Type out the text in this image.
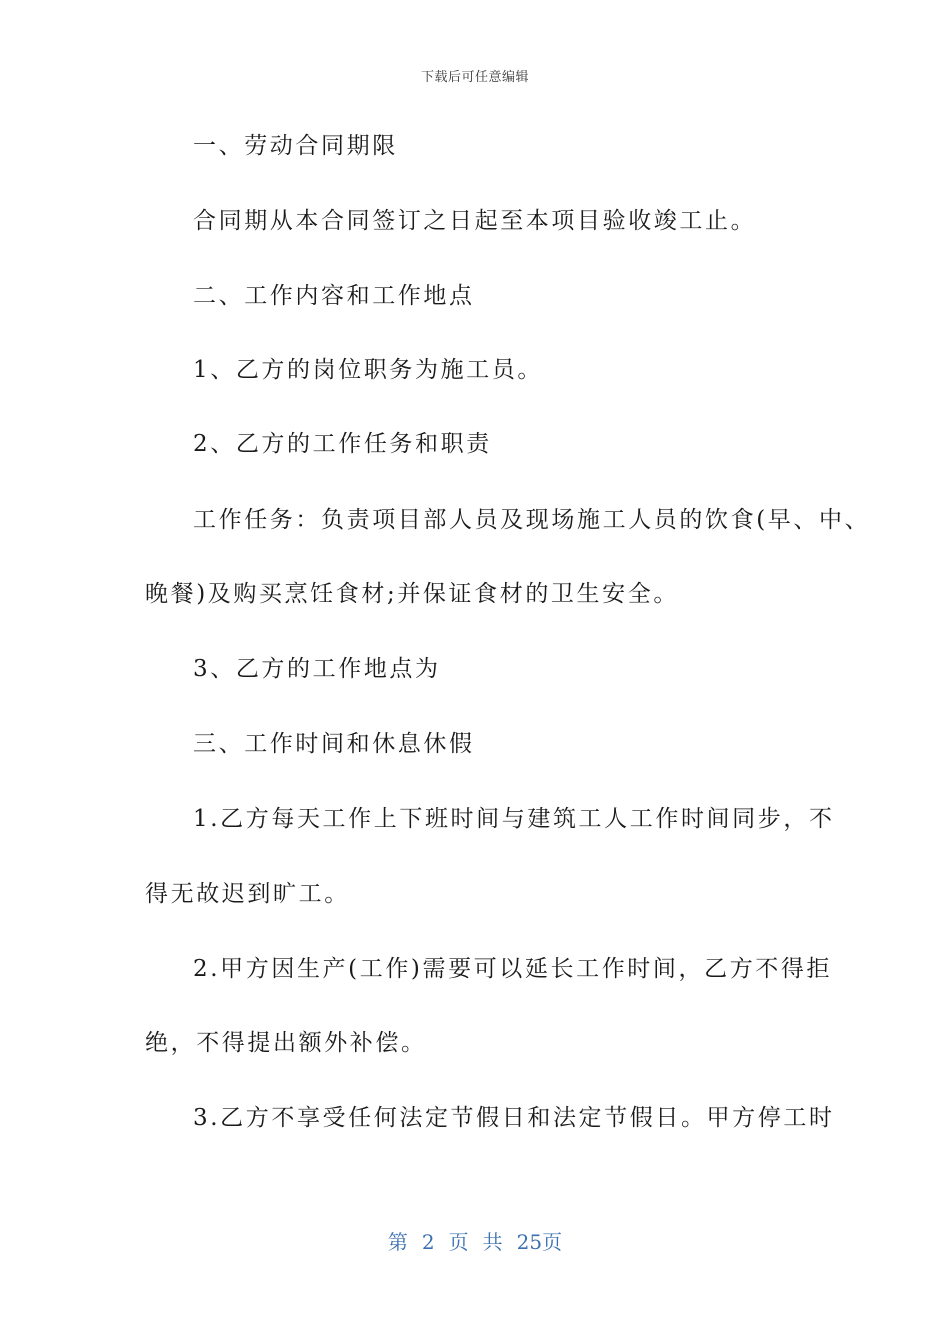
下载后可任意编辑
一、劳动合同期限
合同期从本合同签订之日起至本项目验收竣工止。
二、工作内容和工作地点
1、乙方的岗位职务为施工员。
2、乙方的工作任务和职责
工作任务：负责项目部人员及现场施工人员的饮食(早、中、
晚餐)及购买烹饪食材;并保证食材的卫生安全。
3、乙方的工作地点为
三、工作时间和休息休假
1.乙方每天工作上下班时间与建筑工人工作时间同步，不
得无故迟到旷工。
2.甲方因生产(工作)需要可以延长工作时间，乙方不得拒
绝，不得提出额外补偿。
3.乙方不享受任何法定节假日和法定节假日。甲方停工时
第 2 页 共 25页
